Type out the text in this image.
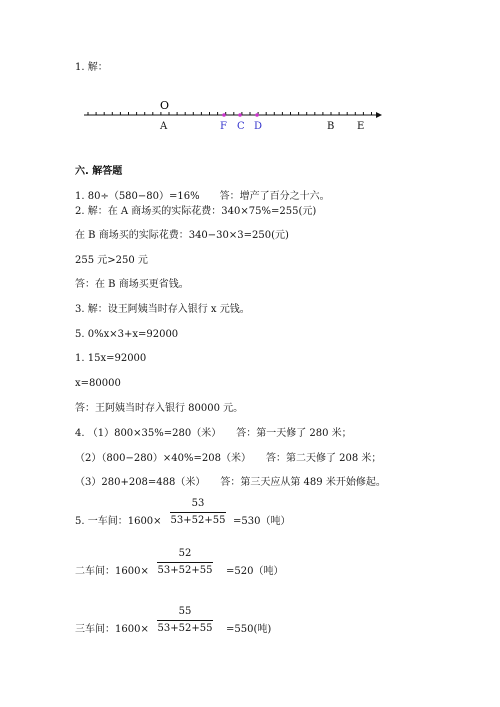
1. 解：
O
A	F C D	B E
六. 解答题
1. 80÷（580−80）=16%　　答：增产了百分之十六。
2. 解：在 A 商场买的实际花费：340×75%=255(元)
在 B 商场买的实际花费：340−30×3=250(元)
255 元>250 元
答：在 B 商场买更省钱。
3. 解：设王阿姨当时存入银行 x 元钱。
5. 0%x×3+x=92000
1. 15x=92000
x=80000
答：王阿姨当时存入银行 80000 元。
4. （1）800×35%=280（米）　　答：第一天修了 280 米；
（2）（800−280）×40%=208（米）　　答：第二天修了 208 米；
（3）280+208=488（米）　　答：第三天应从第 489 米开始修起。
5. 一车间：1600×
53
53+52+55 =530（吨）
二车间：1600×
52
53+52+55 =520（吨）
三车间：1600×
55
53+52+55 =550(吨)
